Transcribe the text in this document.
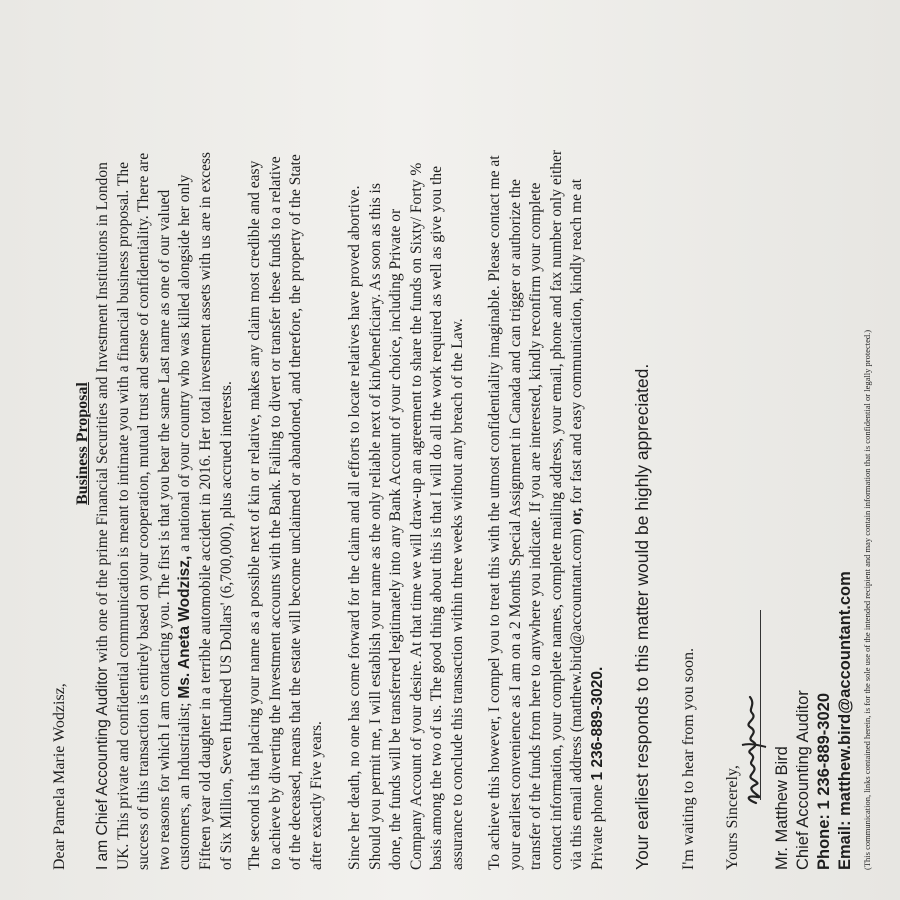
Dear Pamela Marie Wodzisz, I am Chief Accounting Auditor with one of the prime Financial Securities and Investment Institutions in London UK. This private and confidential communication is meant to intimate you with a financial business proposal. The success of this transaction is entirely based on your cooperation, mutual trust and sense of confidentiality. There are two reasons for which I am contacting you. The first is that you bear the same Last name as one of our valued customers, an Industrialist; Ms. Aneta Wodzisz, a national of your country who was killed alongside her only Fifteen year old daughter in a terrible automobile accident in 2016. Her total investment assets with us are in excess of Six Million, Seven Hundred US Dollars' (6,700,000), plus accrued interests.
Business Proposal	The second is that placing your name as a possible next of kin or relative, makes any claim most credible and easy to achieve by diverting the Investment accounts with the Bank. Failing to divert or transfer these funds to a relative of the deceased, means that the estate will become unclaimed or abandoned, and therefore, the property of the State after exactly Five years. Since her death, no one has come forward for the claim and all efforts to locate relatives have proved abortive. Should you permit me, I will establish your name as the only reliable next of kin/beneficiary. As soon as this is done, the funds will be transferred legitimately into any Bank Account of your choice, including Private or Company Account of your desire. At that time we will draw-up an agreement to share the funds on Sixty/ Forty % basis among the two of us. The good thing about this is that I will do all the work required as well as give you the assurance to conclude this transaction within three weeks without any breach of the Law. To achieve this however, I compel you to treat this with the utmost confidentiality imaginable. Please contact me at your earliest convenience as I am on a 2 Months Special Assignment in Canada and can trigger or authorize the transfer of the funds from here to anywhere you indicate. If you are interested, kindly reconfirm your complete contact information, your complete names, complete mailing address, your email, phone and fax number only either via this email address (matthew.bird@accountant.com) or, for fast and easy communication, kindly reach me at
Private phone 1 236-889-3020. Your earliest responds to this matter would be highly appreciated. I'm waiting to hear from you soon. Yours Sincerely, Mr. Matthew Bird Chief Accounting Auditor Phone: 1 236-889-3020 Email: matthew.bird@accountant.com (This communication, links contained herein, is for the sole use of the intended recipient and may contain information that is confidential or legally protected.)
